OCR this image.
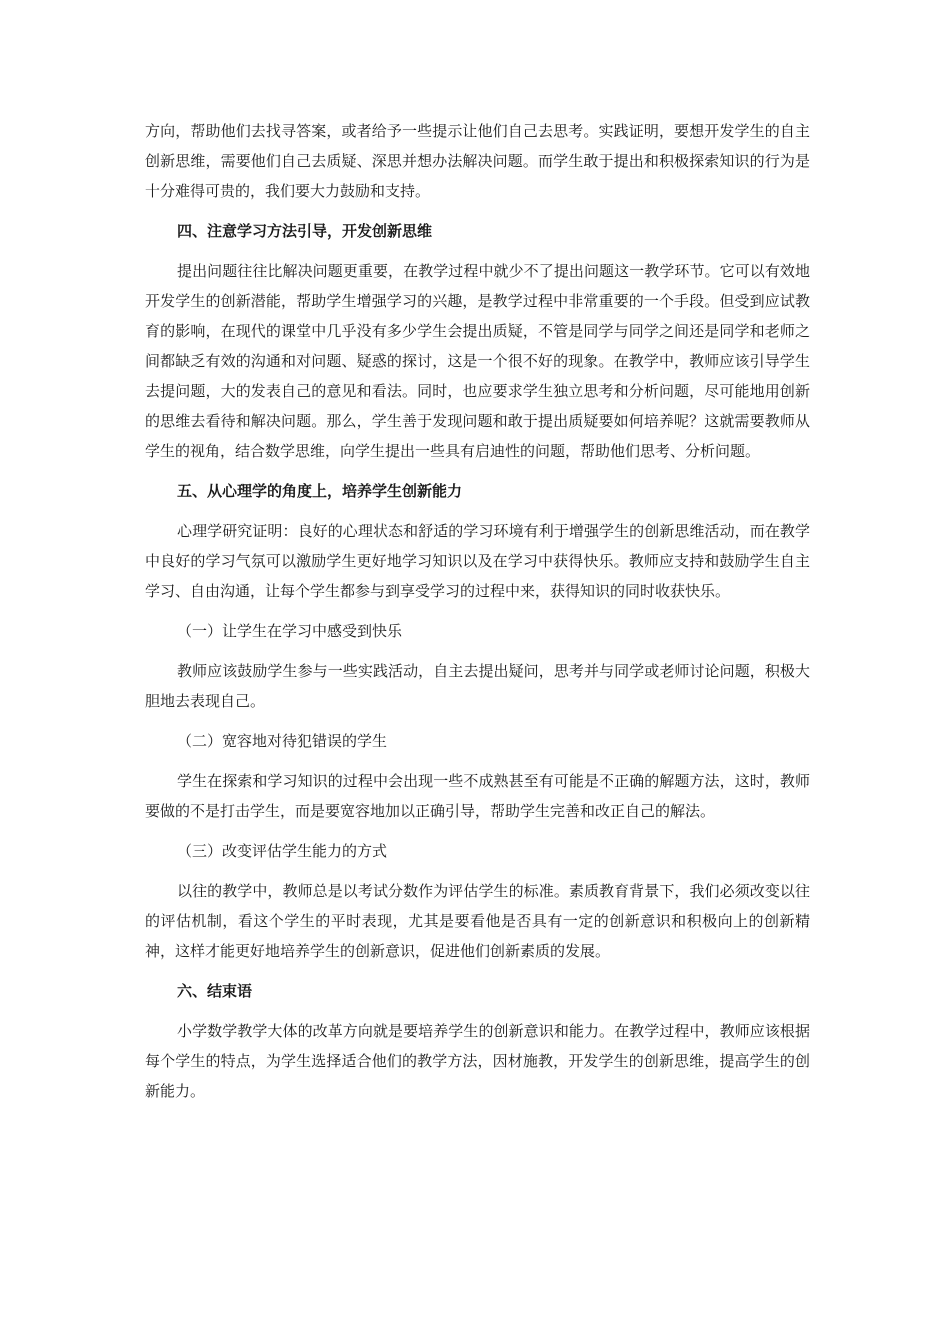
方向，帮助他们去找寻答案，或者给予一些提示让他们自己去思考。实践证明，要想开发学生的自主创新思维，需要他们自己去质疑、深思并想办法解决问题。而学生敢于提出和积极探索知识的行为是十分难得可贵的，我们要大力鼓励和支持。

四、注意学习方法引导，开发创新思维

提出问题往往比解决问题更重要，在教学过程中就少不了提出问题这一教学环节。它可以有效地开发学生的创新潜能，帮助学生增强学习的兴趣，是教学过程中非常重要的一个手段。但受到应试教育的影响，在现代的课堂中几乎没有多少学生会提出质疑，不管是同学与同学之间还是同学和老师之间都缺乏有效的沟通和对问题、疑惑的探讨，这是一个很不好的现象。在教学中，教师应该引导学生去提问题，大的发表自己的意见和看法。同时，也应要求学生独立思考和分析问题，尽可能地用创新的思维去看待和解决问题。那么，学生善于发现问题和敢于提出质疑要如何培养呢？这就需要教师从学生的视角，结合数学思维，向学生提出一些具有启迪性的问题，帮助他们思考、分析问题。

五、从心理学的角度上，培养学生创新能力

心理学研究证明：良好的心理状态和舒适的学习环境有利于增强学生的创新思维活动，而在教学中良好的学习气氛可以激励学生更好地学习知识以及在学习中获得快乐。教师应支持和鼓励学生自主学习、自由沟通，让每个学生都参与到享受学习的过程中来，获得知识的同时收获快乐。

（一）让学生在学习中感受到快乐

教师应该鼓励学生参与一些实践活动，自主去提出疑问，思考并与同学或老师讨论问题，积极大胆地去表现自己。

（二）宽容地对待犯错误的学生

学生在探索和学习知识的过程中会出现一些不成熟甚至有可能是不正确的解题方法，这时，教师要做的不是打击学生，而是要宽容地加以正确引导，帮助学生完善和改正自己的解法。

（三）改变评估学生能力的方式

以往的教学中，教师总是以考试分数作为评估学生的标准。素质教育背景下，我们必须改变以往的评估机制，看这个学生的平时表现，尤其是要看他是否具有一定的创新意识和积极向上的创新精神，这样才能更好地培养学生的创新意识，促进他们创新素质的发展。

六、结束语

小学数学教学大体的改革方向就是要培养学生的创新意识和能力。在教学过程中，教师应该根据每个学生的特点，为学生选择适合他们的教学方法，因材施教，开发学生的创新思维，提高学生的创新能力。
